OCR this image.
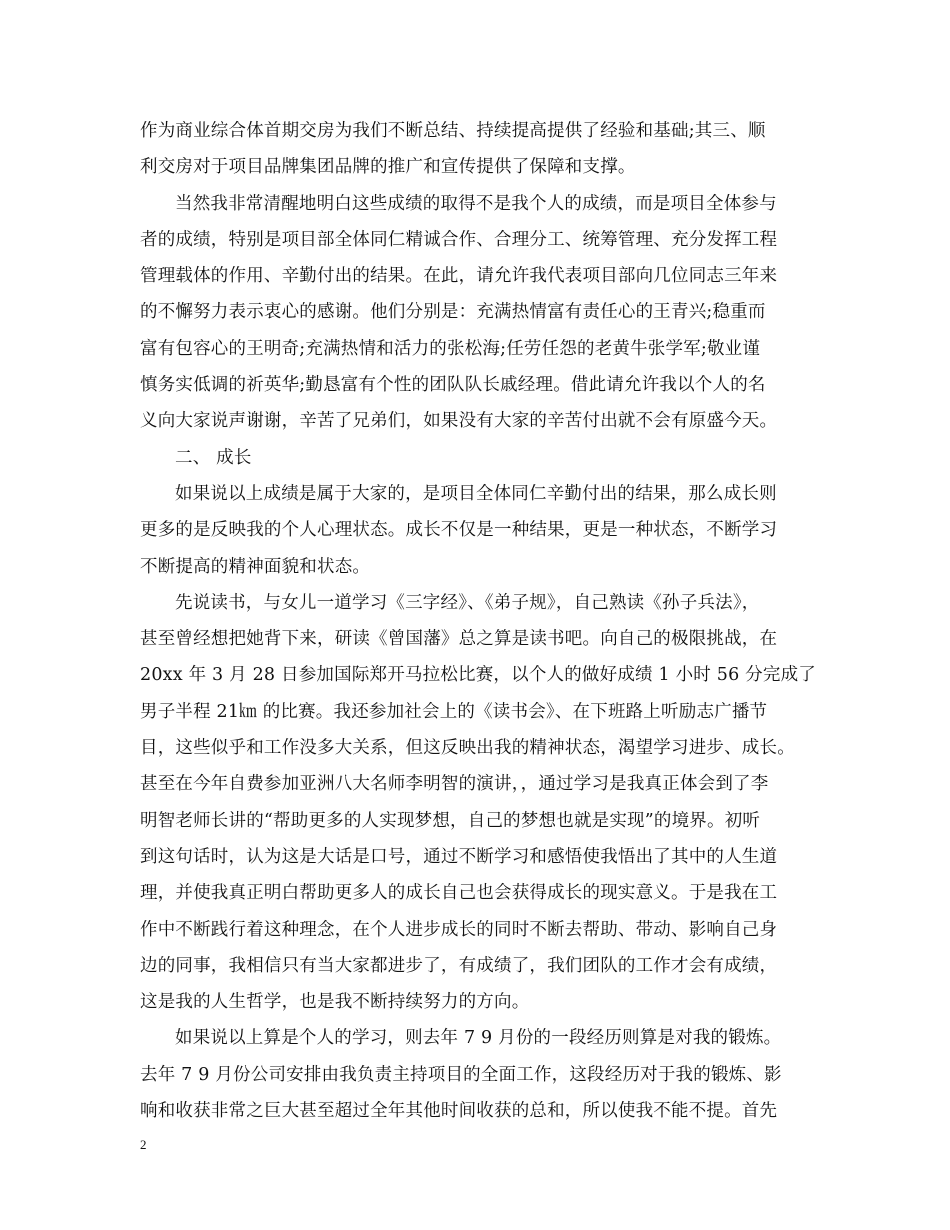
作为商业综合体首期交房为我们不断总结、持续提高提供了经验和基础;其三、顺
利交房对于项目品牌集团品牌的推广和宣传提供了保障和支撑。
当然我非常清醒地明白这些成绩的取得不是我个人的成绩，而是项目全体参与
者的成绩，特别是项目部全体同仁精诚合作、合理分工、统筹管理、充分发挥工程
管理载体的作用、辛勤付出的结果。在此，请允许我代表项目部向几位同志三年来
的不懈努力表示衷心的感谢。他们分别是：充满热情富有责任心的王青兴;稳重而
富有包容心的王明奇;充满热情和活力的张松海;任劳任怨的老黄牛张学军;敬业谨
慎务实低调的祈英华;勤恳富有个性的团队队长戚经理。借此请允许我以个人的名
义向大家说声谢谢，辛苦了兄弟们，如果没有大家的辛苦付出就不会有原盛今天。
二、 成长
如果说以上成绩是属于大家的，是项目全体同仁辛勤付出的结果，那么成长则
更多的是反映我的个人心理状态。成长不仅是一种结果，更是一种状态，不断学习
不断提高的精神面貌和状态。
先说读书，与女儿一道学习《三字经》、《弟子规》，自己熟读《孙子兵法》，
甚至曾经想把她背下来，研读《曾国藩》总之算是读书吧。向自己的极限挑战，在
20xx 年 3 月 28 日参加国际郑开马拉松比赛，以个人的做好成绩 1 小时 56 分完成了
男子半程 21㎞ 的比赛。我还参加社会上的《读书会》、在下班路上听励志广播节
目，这些似乎和工作没多大关系，但这反映出我的精神状态，渴望学习进步、成长。
甚至在今年自费参加亚洲八大名师李明智的演讲，，通过学习是我真正体会到了李
明智老师长讲的“帮助更多的人实现梦想，自己的梦想也就是实现”的境界。初听
到这句话时，认为这是大话是口号，通过不断学习和感悟使我悟出了其中的人生道
理，并使我真正明白帮助更多人的成长自己也会获得成长的现实意义。于是我在工
作中不断践行着这种理念，在个人进步成长的同时不断去帮助、带动、影响自己身
边的同事，我相信只有当大家都进步了，有成绩了，我们团队的工作才会有成绩，
这是我的人生哲学，也是我不断持续努力的方向。
如果说以上算是个人的学习，则去年 7 9 月份的一段经历则算是对我的锻炼。
去年 7 9 月份公司安排由我负责主持项目的全面工作，这段经历对于我的锻炼、影
响和收获非常之巨大甚至超过全年其他时间收获的总和，所以使我不能不提。首先
2
